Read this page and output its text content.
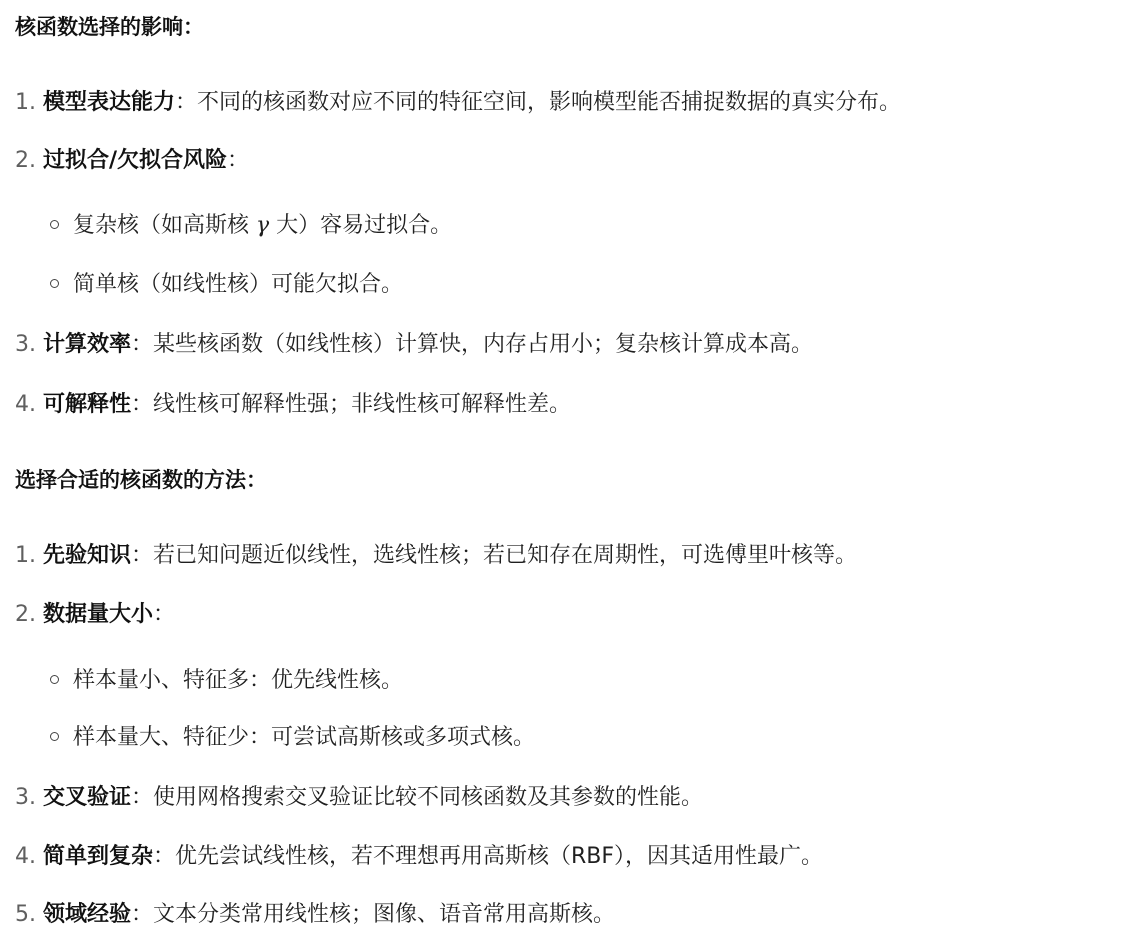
核函数选择的影响：
1. 模型表达能力：不同的核函数对应不同的特征空间，影响模型能否捕捉数据的真实分布。
2. 过拟合/欠拟合风险：
复杂核（如高斯核 γ 大）容易过拟合。
简单核（如线性核）可能欠拟合。
3. 计算效率：某些核函数（如线性核）计算快，内存占用小；复杂核计算成本高。
4. 可解释性：线性核可解释性强；非线性核可解释性差。
选择合适的核函数的方法：
1. 先验知识：若已知问题近似线性，选线性核；若已知存在周期性，可选傅里叶核等。
2. 数据量大小：
样本量小、特征多：优先线性核。
样本量大、特征少：可尝试高斯核或多项式核。
3. 交叉验证：使用网格搜索交叉验证比较不同核函数及其参数的性能。
4. 简单到复杂：优先尝试线性核，若不理想再用高斯核（RBF），因其适用性最广。
5. 领域经验：文本分类常用线性核；图像、语音常用高斯核。
